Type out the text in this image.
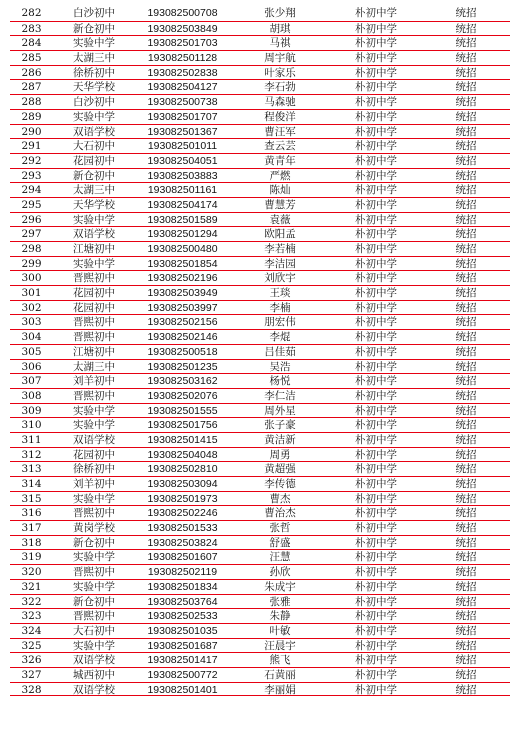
282	白沙初中	193082500708	张少翔	朴初中学	统招
283	新仓初中	193082503849	胡琪	朴初中学	统招
284	实验中学	193082501703	马祺	朴初中学	统招
285	太湖三中	193082501128	周宇航	朴初中学	统招
286	徐桥初中	193082502838	叶家乐	朴初中学	统招
287	天华学校	193082504127	李石勃	朴初中学	统招
288	白沙初中	193082500738	马森驰	朴初中学	统招
289	实验中学	193082501707	程俊洋	朴初中学	统招
290	双语学校	193082501367	曹汪军	朴初中学	统招
291	大石初中	193082501011	查云芸	朴初中学	统招
292	花园初中	193082504051	黄青年	朴初中学	统招
293	新仓初中	193082503883	严燃	朴初中学	统招
294	太湖三中	193082501161	陈灿	朴初中学	统招
295	天华学校	193082504174	曹慧芳	朴初中学	统招
296	实验中学	193082501589	袁薇	朴初中学	统招
297	双语学校	193082501294	欧阳孟	朴初中学	统招
298	江塘初中	193082500480	李若楠	朴初中学	统招
299	实验中学	193082501854	李洁园	朴初中学	统招
300	晋熙初中	193082502196	刘欣宇	朴初中学	统招
301	花园初中	193082503949	王琰	朴初中学	统招
302	花园初中	193082503997	李楠	朴初中学	统招
303	晋熙初中	193082502156	朋宏伟	朴初中学	统招
304	晋熙初中	193082502146	李焜	朴初中学	统招
305	江塘初中	193082500518	吕佳茹	朴初中学	统招
306	太湖三中	193082501235	吴浩	朴初中学	统招
307	刘羊初中	193082503162	杨悦	朴初中学	统招
308	晋熙初中	193082502076	李仁洁	朴初中学	统招
309	实验中学	193082501555	周外星	朴初中学	统招
310	实验中学	193082501756	张子豪	朴初中学	统招
311	双语学校	193082501415	黄洁新	朴初中学	统招
312	花园初中	193082504048	周勇	朴初中学	统招
313	徐桥初中	193082502810	黄超强	朴初中学	统招
314	刘羊初中	193082503094	李传德	朴初中学	统招
315	实验中学	193082501973	曹杰	朴初中学	统招
316	晋熙初中	193082502246	曹治杰	朴初中学	统招
317	黄岗学校	193082501533	张哲	朴初中学	统招
318	新仓初中	193082503824	舒盛	朴初中学	统招
319	实验中学	193082501607	汪慧	朴初中学	统招
320	晋熙初中	193082502119	孙欣	朴初中学	统招
321	实验中学	193082501834	朱成宇	朴初中学	统招
322	新仓初中	193082503764	张雅	朴初中学	统招
323	晋熙初中	193082502533	朱静	朴初中学	统招
324	大石初中	193082501035	叶敏	朴初中学	统招
325	实验中学	193082501687	汪晨宇	朴初中学	统招
326	双语学校	193082501417	熊飞	朴初中学	统招
327	城西初中	193082500772	石黄丽	朴初中学	统招
328	双语学校	193082501401	李丽娟	朴初中学	统招
